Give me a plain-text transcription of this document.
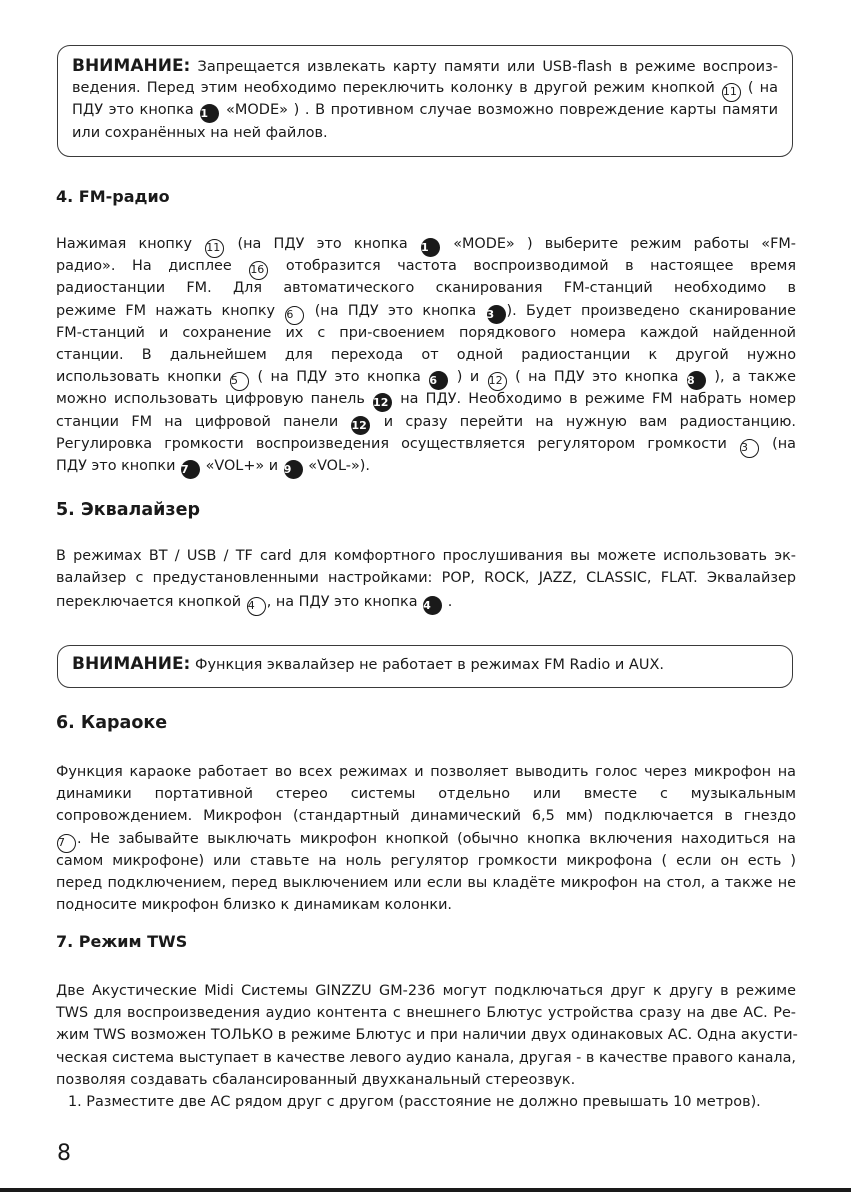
ВНИМАНИЕ: Запрещается извлекать карту памяти или USB-flash в режиме воспроиз-
ведения. Перед этим необходимо переключить колонку в другой режим кнопкой 11 ( на
ПДУ это кнопка 1 «MODE» ) . В противном случае возможно повреждение карты памяти
или сохранённых на ней файлов.
4. FM-радио
Нажимая кнопку 11 (на ПДУ это кнопка 1 «MODE» ) выберите режим работы «FM-
радио». На дисплее 16 отобразится частота воспроизводимой в настоящее время
радиостанции FM. Для автоматического сканирования FM-станций необходимо в
режиме FM нажать кнопку 6 (на ПДУ это кнопка 3 ). Будет произведено сканирование
FM-станций и сохранение их с при-своением порядкового номера каждой найденной
станции. В дальнейшем для перехода от одной радиостанции к другой нужно
использовать кнопки 5 ( на ПДУ это кнопка 6 ) и 12 ( на ПДУ это кнопка 8 ), а также
можно использовать цифровую панель 12 на ПДУ. Необходимо в режиме FM набрать номер
станции FM на цифровой панели 12 и сразу перейти на нужную вам радиостанцию.
Регулировка громкости воспроизведения осуществляется регулятором громкости 3 (на
ПДУ это кнопки 7 «VOL+» и 9 «VOL-»).
5. Эквалайзер
В режимах BT / USB / TF card для комфортного прослушивания вы можете использовать эк-
валайзер с предустановленными настройками: POP, ROCK, JAZZ, CLASSIC, FLAT. Эквалайзер
переключается кнопкой 4 , на ПДУ это кнопка 4 .
ВНИМАНИЕ: Функция эквалайзер не работает в режимах FM Radio и AUX.
6. Караоке
Функция караоке работает во всех режимах и позволяет выводить голос через микрофон на
динамики портативной стерео системы отдельно или вместе с музыкальным
сопровождением. Микрофон (стандартный динамический 6,5 мм) подключается в гнездо
7 . Не забывайте выключать микрофон кнопкой (обычно кнопка включения находиться на
самом микрофоне) или ставьте на ноль регулятор громкости микрофона ( если он есть )
перед подключением, перед выключением или если вы кладёте микрофон на стол, а также не
подносите микрофон близко к динамикам колонки.
7. Режим TWS
Две Акустические Midi Системы GINZZU GM-236 могут подключаться друг к другу в режиме
TWS для воспроизведения аудио контента с внешнего Блютус устройства сразу на две АС. Ре-
жим TWS возможен ТОЛЬКО в режиме Блютус и при наличии двух одинаковых АС. Одна акусти-
ческая система выступает в качестве левого аудио канала, другая - в качестве правого канала,
позволяя создавать сбалансированный двухканальный стереозвук.
1. Разместите две АС рядом друг с другом (расстояние не должно превышать 10 метров).
8
